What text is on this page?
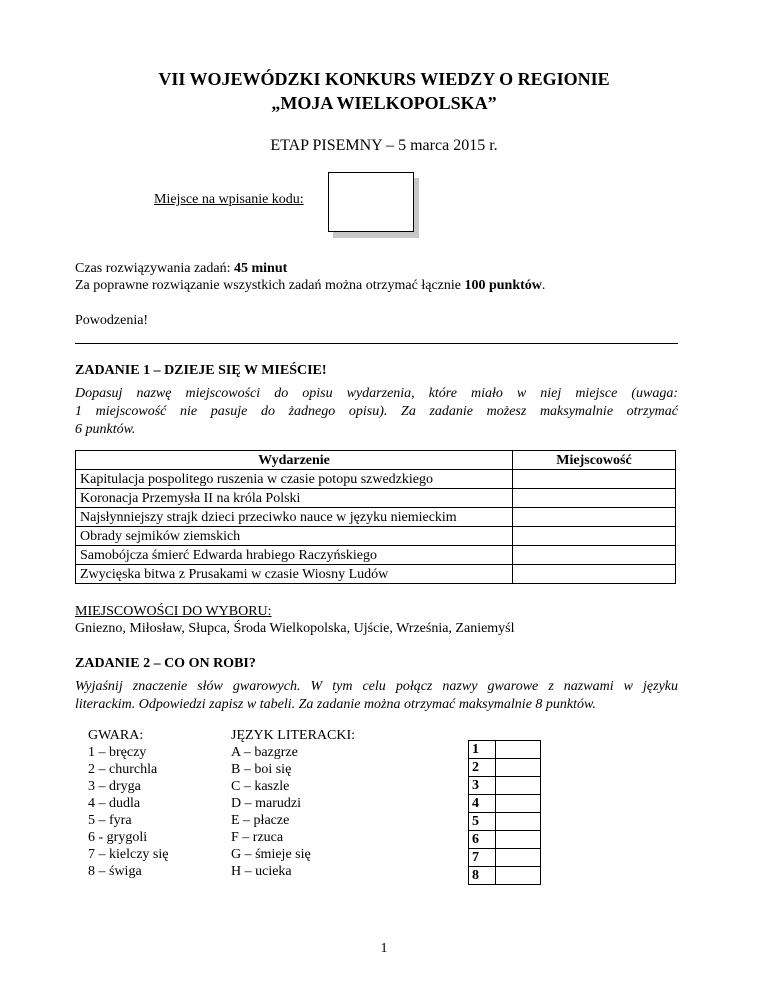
VII WOJEWÓDZKI KONKURS WIEDZY O REGIONIE
„MOJA WIELKOPOLSKA”
ETAP PISEMNY – 5 marca 2015 r.
Miejsce na wpisanie kodu:
Czas rozwiązywania zadań: 45 minut
Za poprawne rozwiązanie wszystkich zadań można otrzymać łącznie 100 punktów.
Powodzenia!
ZADANIE 1 – DZIEJE SIĘ W MIEŚCIE!
Dopasuj nazwę miejscowości do opisu wydarzenia, które miało w niej miejsce (uwaga:
1 miejscowość nie pasuje do żadnego opisu). Za zadanie możesz maksymalnie otrzymać
6 punktów.
Wydarzenie	Miejscowość
Kapitulacja pospolitego ruszenia w czasie potopu szwedzkiego	
Koronacja Przemysła II na króla Polski	
Najsłynniejszy strajk dzieci przeciwko nauce w języku niemieckim	
Obrady sejmików ziemskich	
Samobójcza śmierć Edwarda hrabiego Raczyńskiego	
Zwycięska bitwa z Prusakami w czasie Wiosny Ludów	
MIEJSCOWOŚCI DO WYBORU:
Gniezno, Miłosław, Słupca, Środa Wielkopolska, Ujście, Września, Zaniemyśl
ZADANIE 2 – CO ON ROBI?
Wyjaśnij znaczenie słów gwarowych. W tym celu połącz nazwy gwarowe z nazwami w języku
literackim. Odpowiedzi zapisz w tabeli. Za zadanie można otrzymać maksymalnie 8 punktów.
GWARA:
1 – bręczy
2 – churchla
3 – dryga
4 – dudla
5 – fyra
6 - grygoli
7 – kielczy się
8 – świga
JĘZYK LITERACKI:
A – bazgrze
B – boi się
C – kaszle
D – marudzi
E – płacze
F – rzuca
G – śmieje się
H – ucieka
1	
2	
3	
4	
5	
6	
7	
8	
1
